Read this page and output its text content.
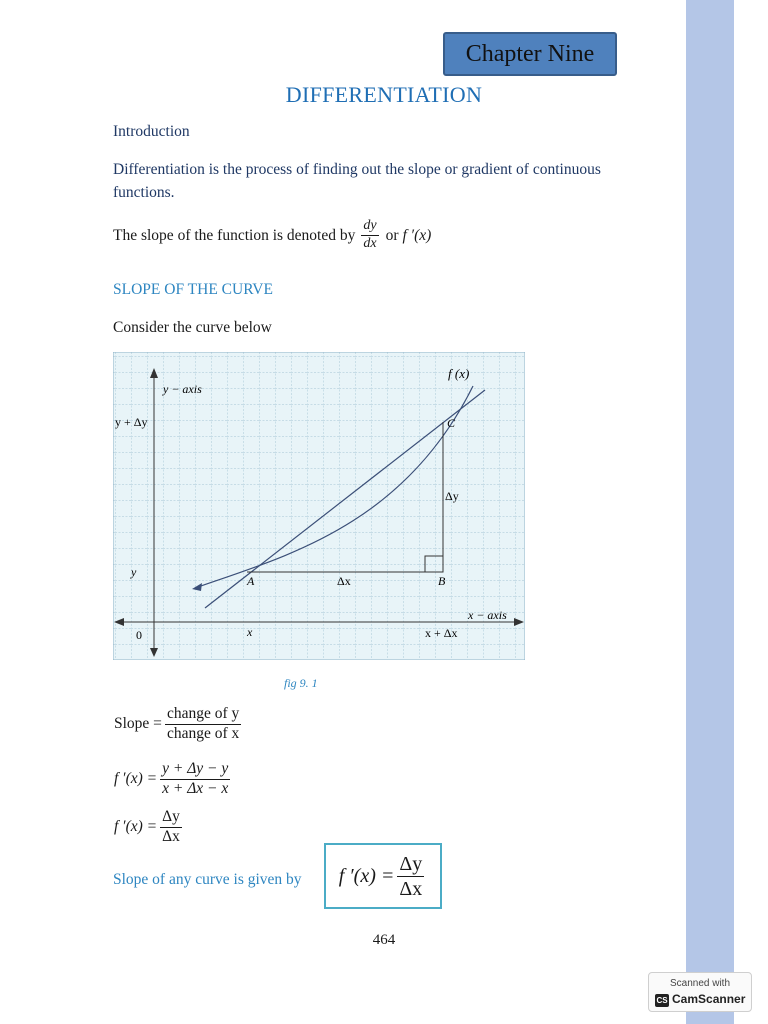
Chapter Nine
DIFFERENTIATION
Introduction
Differentiation is the process of finding out the slope or gradient of continuous
functions.
The slope of the function is denoted by $\frac{dy}{dx}$ or f ′(x)
SLOPE OF THE CURVE
Consider the curve below
f (x)
y − axis
x − axis
y + Δy
y
0	x	x + Δx
A	B
C
Δx
Δy
fig 9. 1
Slope = $\frac{\text{change of y}}{\text{change of x}}$
f $'(x) = \frac{y + \Delta y - y}{x + \Delta x - x}$
f $'(x) = \frac{\Delta y}{\Delta x}$
Slope of any curve is given by f $'(x) = \frac{\Delta y}{\Delta x}$
464
Scanned with
CS CamScanner
